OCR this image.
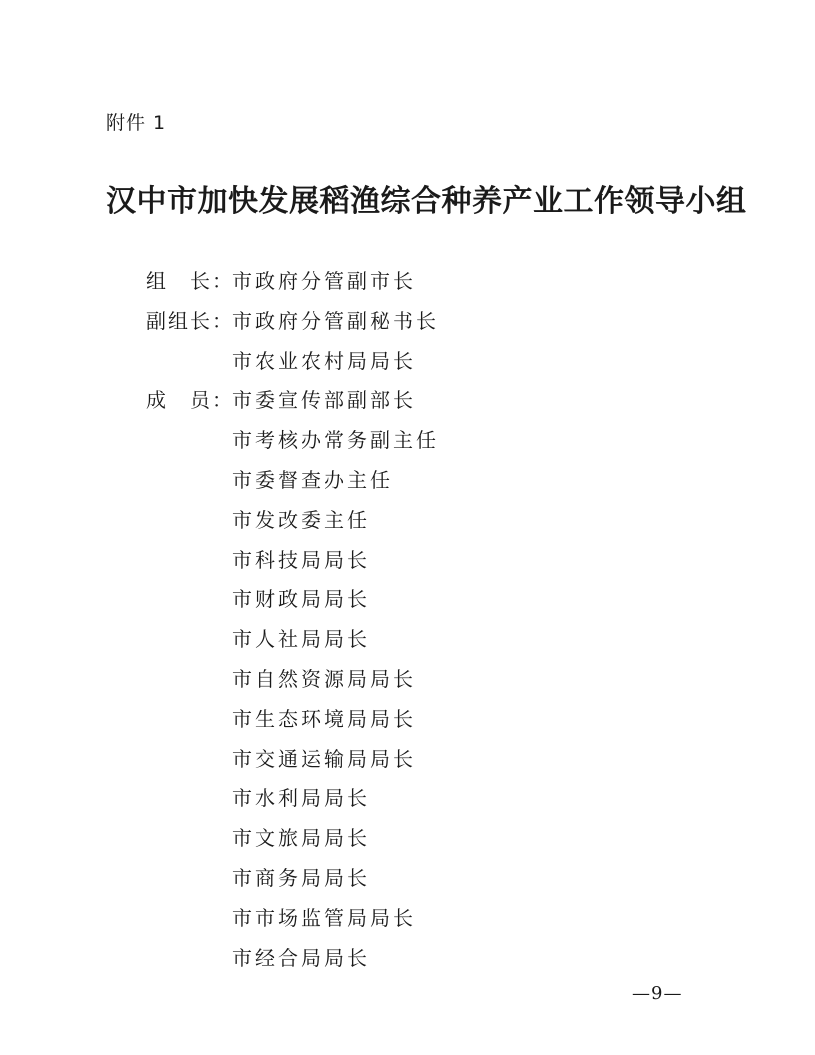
附件 1
汉中市加快发展稻渔综合种养产业工作领导小组
组　长：
市政府分管副市长
副组长：
市政府分管副秘书长
市农业农村局局长
成　员：
市委宣传部副部长
市考核办常务副主任
市委督查办主任
市发改委主任
市科技局局长
市财政局局长
市人社局局长
市自然资源局局长
市生态环境局局长
市交通运输局局长
市水利局局长
市文旅局局长
市商务局局长
市市场监管局局长
市经合局局长
—9—
